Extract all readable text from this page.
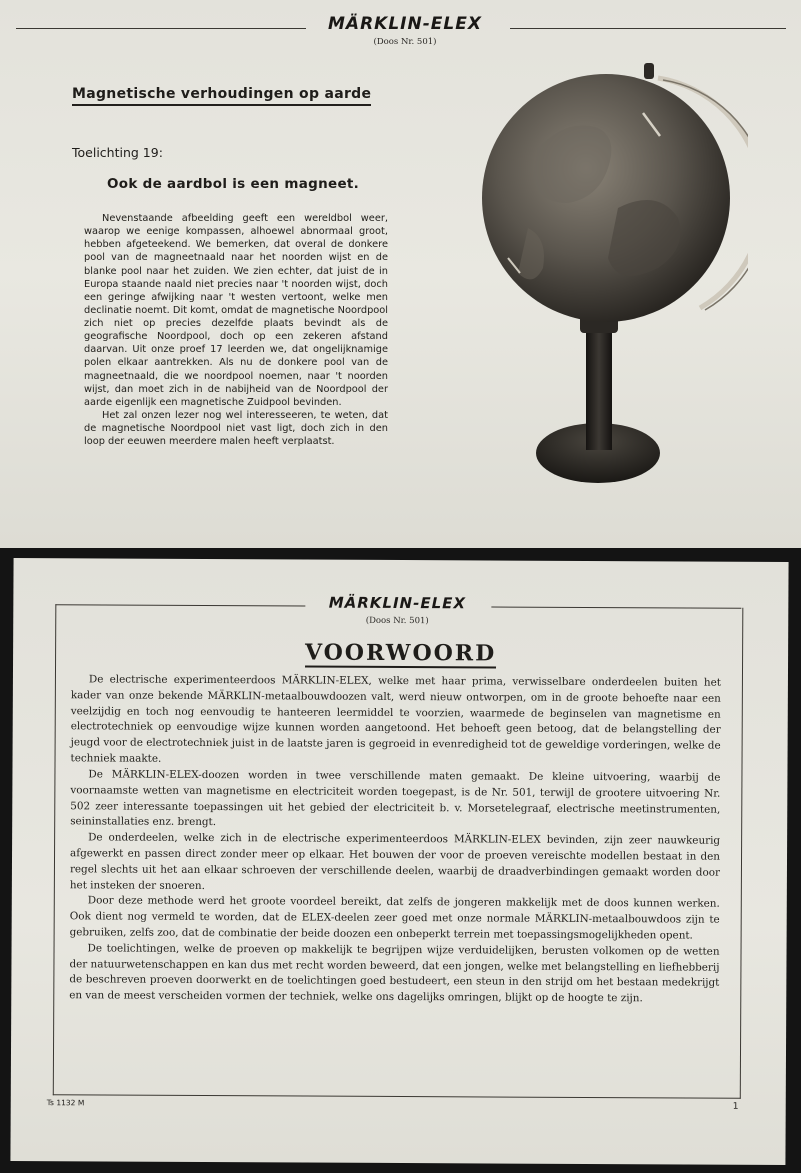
MÄRKLIN-ELEX
(Doos Nr. 501)
Magnetische verhoudingen op aarde
Toelichting 19:
Ook de aardbol is een magneet.

Nevenstaande afbeelding geeft een wereldbol weer, waarop we eenige kompassen, alhoewel abnormaal groot, hebben afgeteekend. We bemerken, dat overal de donkere pool van de magneetnaald naar het noorden wijst en de blanke pool naar het zuiden. We zien echter, dat juist de in Europa staande naald niet precies naar 't noorden wijst, doch een geringe afwijking naar 't westen vertoont, welke men declinatie noemt. Dit komt, omdat de magnetische Noordpool zich niet op precies dezelfde plaats bevindt als de geografische Noordpool, doch op een zekeren afstand daarvan. Uit onze proef 17 leerden we, dat ongelijknamige polen elkaar aantrekken. Als nu de donkere pool van de magneetnaald, die we noordpool noemen, naar 't noorden wijst, dan moet zich in de nabijheid van de Noordpool der aarde eigenlijk een magnetische Zuidpool bevinden.

Het zal onzen lezer nog wel interesseeren, te weten, dat de magnetische Noordpool niet vast ligt, doch zich in den loop der eeuwen meerdere malen heeft verplaatst.

MÄRKLIN-ELEX
(Doos Nr. 501)
VOORWOORD

De electrische experimenteerdoos MÄRKLIN-ELEX, welke met haar prima, verwisselbare onderdeelen buiten het kader van onze bekende MÄRKLIN-metaalbouwdoozen valt, werd nieuw ontworpen, om in de groote behoefte naar een veelzijdig en toch nog eenvoudig te hanteeren leermiddel te voorzien, waarmede de beginselen van magnetisme en electrotechniek op eenvoudige wijze kunnen worden aangetoond. Het behoeft geen betoog, dat de belangstelling der jeugd voor de electrotechniek juist in de laatste jaren is gegroeid in evenredigheid tot de geweldige vorderingen, welke de techniek maakte.

De MÄRKLIN-ELEX-doozen worden in twee verschillende maten gemaakt. De kleine uitvoering, waarbij de voornaamste wetten van magnetisme en electriciteit worden toegepast, is de Nr. 501, terwijl de grootere uitvoering Nr. 502 zeer interessante toepassingen uit het gebied der electriciteit b. v. Morsetelegraaf, electrische meetinstrumenten, seininstallaties enz. brengt.

De onderdeelen, welke zich in de electrische experimenteerdoos MÄRKLIN-ELEX bevinden, zijn zeer nauwkeurig afgewerkt en passen direct zonder meer op elkaar. Het bouwen der voor de proeven vereischte modellen bestaat in den regel slechts uit het aan elkaar schroeven der verschillende deelen, waarbij de draadverbindingen gemaakt worden door het insteken der snoeren.

Door deze methode werd het groote voordeel bereikt, dat zelfs de jongeren makkelijk met de doos kunnen werken. Ook dient nog vermeld te worden, dat de ELEX-deelen zeer goed met onze normale MÄRKLIN-metaalbouwdoos zijn te gebruiken, zelfs zoo, dat de combinatie der beide doozen een onbeperkt terrein met toepassingsmogelijkheden opent.

De toelichtingen, welke de proeven op makkelijk te begrijpen wijze verduidelijken, berusten volkomen op de wetten der natuurwetenschappen en kan dus met recht worden beweerd, dat een jongen, welke met belangstelling en liefhebberij de beschreven proeven doorwerkt en de toelichtingen goed bestudeert, een steun in den strijd om het bestaan medekrijgt en van de meest verscheiden vormen der techniek, welke ons dagelijks omringen, blijkt op de hoogte te zijn.

Ts 1132 M	1
